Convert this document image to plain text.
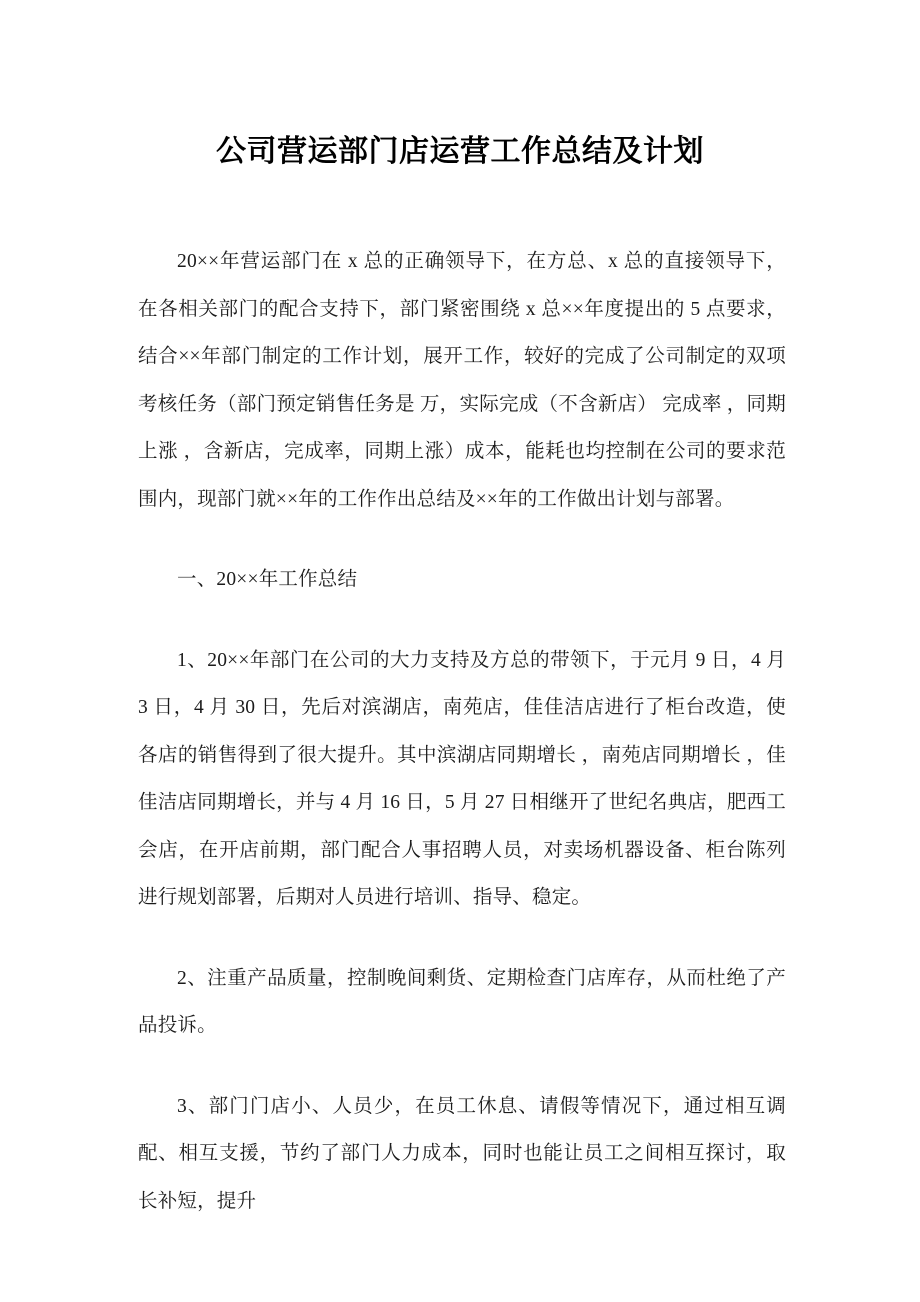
公司营运部门店运营工作总结及计划

20××年营运部门在 x 总的正确领导下，在方总、x 总的直接领导下，在各相关部门的配合支持下，部门紧密围绕 x 总××年度提出的 5 点要求，结合××年部门制定的工作计划，展开工作，较好的完成了公司制定的双项考核任务（部门预定销售任务是 万，实际完成（不含新店） 完成率 ，同期上涨 ，含新店，完成率，同期上涨）成本，能耗也均控制在公司的要求范围内，现部门就××年的工作作出总结及××年的工作做出计划与部署。

一、20××年工作总结

1、20××年部门在公司的大力支持及方总的带领下，于元月 9 日，4 月 3 日，4 月 30 日，先后对滨湖店，南苑店，佳佳洁店进行了柜台改造，使各店的销售得到了很大提升。其中滨湖店同期增长 ，南苑店同期增长 ，佳佳洁店同期增长，并与 4 月 16 日，5 月 27 日相继开了世纪名典店，肥西工会店，在开店前期，部门配合人事招聘人员，对卖场机器设备、柜台陈列进行规划部署，后期对人员进行培训、指导、稳定。

2、注重产品质量，控制晚间剩货、定期检查门店库存，从而杜绝了产品投诉。

3、部门门店小、人员少，在员工休息、请假等情况下，通过相互调配、相互支援，节约了部门人力成本，同时也能让员工之间相互探讨，取长补短，提升
